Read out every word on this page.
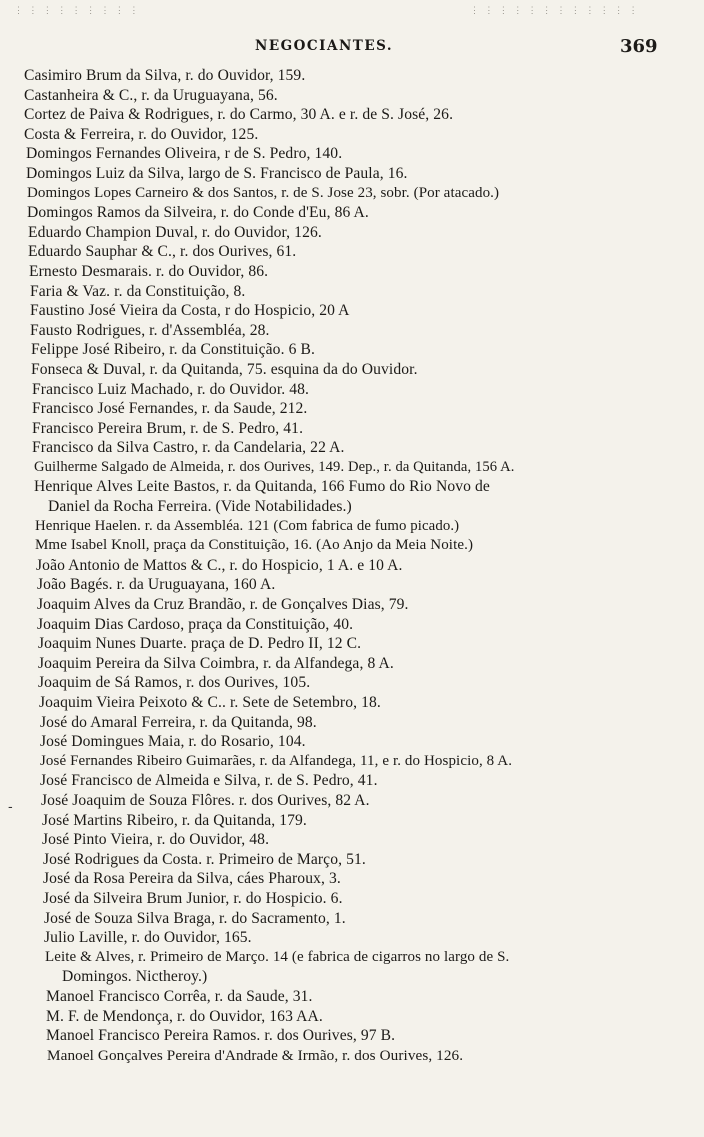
⋮ ⋮ ⋮ ⋮ ⋮ ⋮ ⋮ ⋮ ⋮	⋮ ⋮ ⋮ ⋮ ⋮ ⋮ ⋮ ⋮ ⋮ ⋮ ⋮ ⋮
NEGOCIANTES.	369
-
Casimiro Brum da Silva, r. do Ouvidor, 159.
Castanheira & C., r. da Uruguayana, 56.
Cortez de Paiva & Rodrigues, r. do Carmo, 30 A. e r. de S. José, 26.
Costa & Ferreira, r. do Ouvidor, 125.
Domingos Fernandes Oliveira, r de S. Pedro, 140.
Domingos Luiz da Silva, largo de S. Francisco de Paula, 16.
Domingos Lopes Carneiro & dos Santos, r. de S. Jose 23, sobr. (Por atacado.)
Domingos Ramos da Silveira, r. do Conde d'Eu, 86 A.
Eduardo Champion Duval, r. do Ouvidor, 126.
Eduardo Sauphar & C., r. dos Ourives, 61.
Ernesto Desmarais. r. do Ouvidor, 86.
Faria & Vaz. r. da Constituição, 8.
Faustino José Vieira da Costa, r do Hospicio, 20 A
Fausto Rodrigues, r. d'Assembléa, 28.
Felippe José Ribeiro, r. da Constituição. 6 B.
Fonseca & Duval, r. da Quitanda, 75. esquina da do Ouvidor.
Francisco Luiz Machado, r. do Ouvidor. 48.
Francisco José Fernandes, r. da Saude, 212.
Francisco Pereira Brum, r. de S. Pedro, 41.
Francisco da Silva Castro, r. da Candelaria, 22 A.
Guilherme Salgado de Almeida, r. dos Ourives, 149. Dep., r. da Quitanda, 156 A.
Henrique Alves Leite Bastos, r. da Quitanda, 166 Fumo do Rio Novo de
Daniel da Rocha Ferreira. (Vide Notabilidades.)
Henrique Haelen. r. da Assembléa. 121 (Com fabrica de fumo picado.)
Mme Isabel Knoll, praça da Constituição, 16. (Ao Anjo da Meia Noite.)
João Antonio de Mattos & C., r. do Hospicio, 1 A. e 10 A.
João Bagés. r. da Uruguayana, 160 A.
Joaquim Alves da Cruz Brandão, r. de Gonçalves Dias, 79.
Joaquim Dias Cardoso, praça da Constituição, 40.
Joaquim Nunes Duarte. praça de D. Pedro II, 12 C.
Joaquim Pereira da Silva Coimbra, r. da Alfandega, 8 A.
Joaquim de Sá Ramos, r. dos Ourives, 105.
Joaquim Vieira Peixoto & C.. r. Sete de Setembro, 18.
José do Amaral Ferreira, r. da Quitanda, 98.
José Domingues Maia, r. do Rosario, 104.
José Fernandes Ribeiro Guimarães, r. da Alfandega, 11, e r. do Hospicio, 8 A.
José Francisco de Almeida e Silva, r. de S. Pedro, 41.
José Joaquim de Souza Flôres. r. dos Ourives, 82 A.
José Martins Ribeiro, r. da Quitanda, 179.
José Pinto Vieira, r. do Ouvidor, 48.
José Rodrigues da Costa. r. Primeiro de Março, 51.
José da Rosa Pereira da Silva, cáes Pharoux, 3.
José da Silveira Brum Junior, r. do Hospicio. 6.
José de Souza Silva Braga, r. do Sacramento, 1.
Julio Laville, r. do Ouvidor, 165.
Leite & Alves, r. Primeiro de Março. 14 (e fabrica de cigarros no largo de S.
Domingos. Nictheroy.)
Manoel Francisco Corrêa, r. da Saude, 31.
M. F. de Mendonça, r. do Ouvidor, 163 AA.
Manoel Francisco Pereira Ramos. r. dos Ourives, 97 B.
Manoel Gonçalves Pereira d'Andrade & Irmão, r. dos Ourives, 126.
